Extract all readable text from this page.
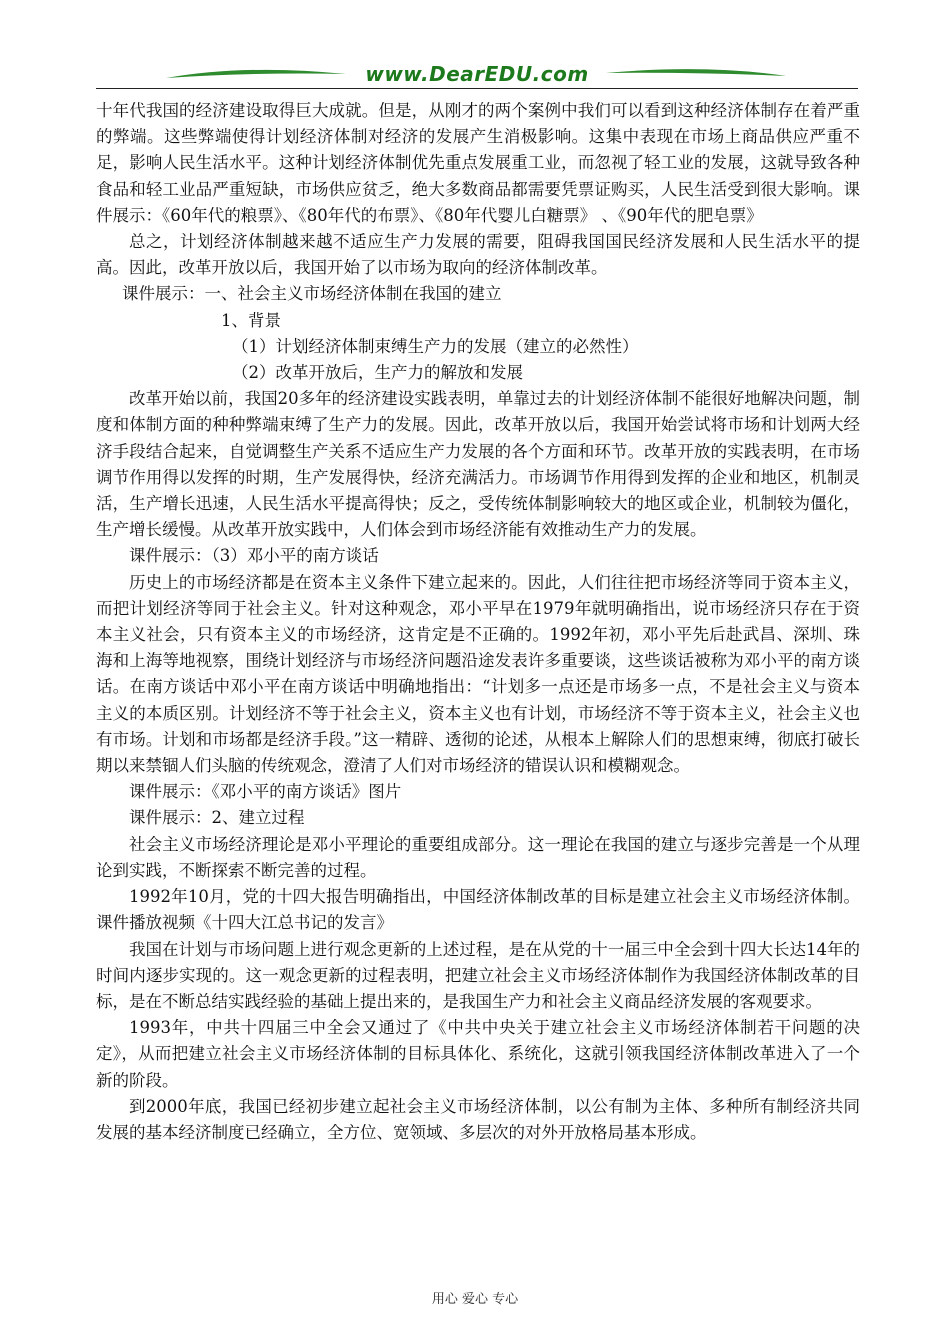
www.DearEDU.com

十年代我国的经济建设取得巨大成就。但是，从刚才的两个案例中我们可以看到这种经济体制存在着严重的弊端。这些弊端使得计划经济体制对经济的发展产生消极影响。这集中表现在市场上商品供应严重不足，影响人民生活水平。这种计划经济体制优先重点发展重工业，而忽视了轻工业的发展，这就导致各种食品和轻工业品严重短缺，市场供应贫乏，绝大多数商品都需要凭票证购买，人民生活受到很大影响。课件展示：《60年代的粮票》、《80年代的布票》、《80年代婴儿白糖票》 、《90年代的肥皂票》

总之，计划经济体制越来越不适应生产力发展的需要，阻碍我国国民经济发展和人民生活水平的提高。因此，改革开放以后，我国开始了以市场为取向的经济体制改革。

课件展示：一、社会主义市场经济体制在我国的建立

1、背景

（1）计划经济体制束缚生产力的发展（建立的必然性）

（2）改革开放后，生产力的解放和发展

改革开始以前，我国20多年的经济建设实践表明，单靠过去的计划经济体制不能很好地解决问题，制度和体制方面的种种弊端束缚了生产力的发展。因此，改革开放以后，我国开始尝试将市场和计划两大经济手段结合起来，自觉调整生产关系不适应生产力发展的各个方面和环节。改革开放的实践表明，在市场调节作用得以发挥的时期，生产发展得快，经济充满活力。市场调节作用得到发挥的企业和地区，机制灵活，生产增长迅速，人民生活水平提高得快；反之，受传统体制影响较大的地区或企业，机制较为僵化，生产增长缓慢。从改革开放实践中，人们体会到市场经济能有效推动生产力的发展。

课件展示：（3）邓小平的南方谈话

历史上的市场经济都是在资本主义条件下建立起来的。因此，人们往往把市场经济等同于资本主义，而把计划经济等同于社会主义。针对这种观念，邓小平早在1979年就明确指出，说市场经济只存在于资本主义社会，只有资本主义的市场经济，这肯定是不正确的。1992年初，邓小平先后赴武昌、深圳、珠海和上海等地视察，围绕计划经济与市场经济问题沿途发表许多重要谈，这些谈话被称为邓小平的南方谈话。在南方谈话中邓小平在南方谈话中明确地指出：“计划多一点还是市场多一点，不是社会主义与资本主义的本质区别。计划经济不等于社会主义，资本主义也有计划，市场经济不等于资本主义，社会主义也有市场。计划和市场都是经济手段。”这一精辟、透彻的论述，从根本上解除人们的思想束缚，彻底打破长期以来禁锢人们头脑的传统观念，澄清了人们对市场经济的错误认识和模糊观念。

课件展示：《邓小平的南方谈话》图片

课件展示：2、建立过程

社会主义市场经济理论是邓小平理论的重要组成部分。这一理论在我国的建立与逐步完善是一个从理论到实践，不断探索不断完善的过程。

1992年10月，党的十四大报告明确指出，中国经济体制改革的目标是建立社会主义市场经济体制。课件播放视频《十四大江总书记的发言》

我国在计划与市场问题上进行观念更新的上述过程，是在从党的十一届三中全会到十四大长达14年的时间内逐步实现的。这一观念更新的过程表明，把建立社会主义市场经济体制作为我国经济体制改革的目标，是在不断总结实践经验的基础上提出来的，是我国生产力和社会主义商品经济发展的客观要求。

1993年，中共十四届三中全会又通过了《中共中央关于建立社会主义市场经济体制若干问题的决定》，从而把建立社会主义市场经济体制的目标具体化、系统化，这就引领我国经济体制改革进入了一个新的阶段。

到2000年底，我国已经初步建立起社会主义市场经济体制，以公有制为主体、多种所有制经济共同发展的基本经济制度已经确立，全方位、宽领域、多层次的对外开放格局基本形成。

用心 爱心 专心
